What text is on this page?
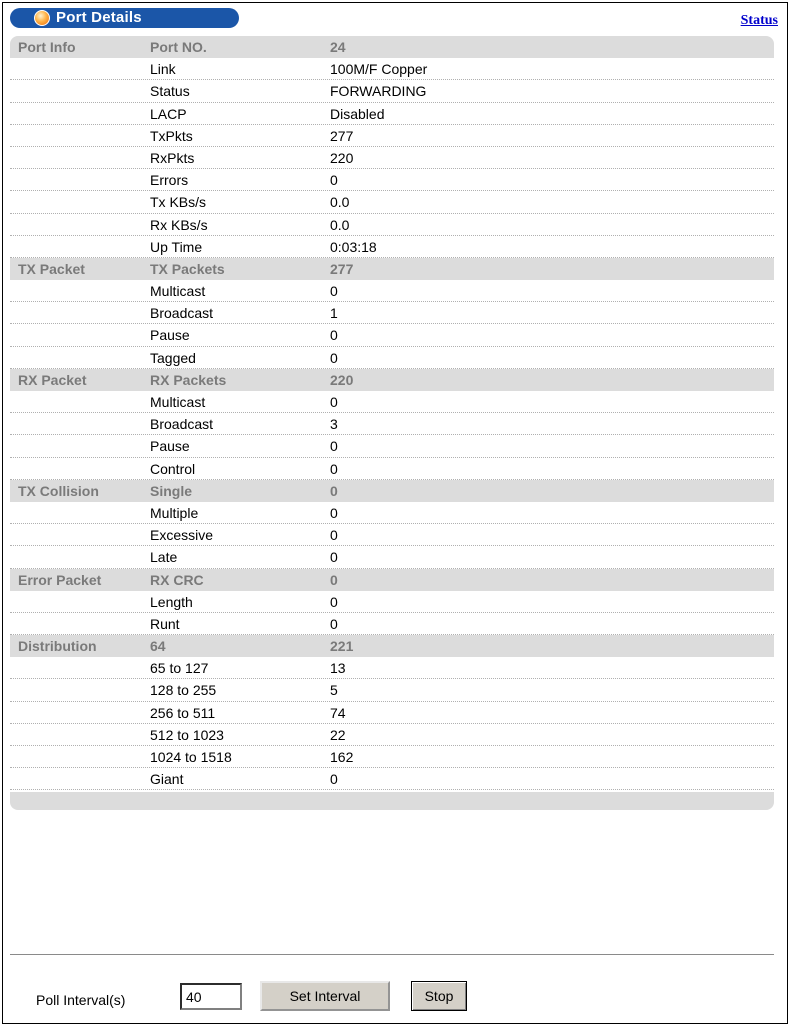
Port Details	Status
Port Info	Port NO.	24
Link	100M/F Copper
Status	FORWARDING
LACP	Disabled
TxPkts	277
RxPkts	220
Errors	0
Tx KBs/s	0.0
Rx KBs/s	0.0
Up Time	0:03:18
TX Packet	TX Packets	277
Multicast	0
Broadcast	1
Pause	0
Tagged	0
RX Packet	RX Packets	220
Multicast	0
Broadcast	3
Pause	0
Control	0
TX Collision	Single	0
Multiple	0
Excessive	0
Late	0
Error Packet	RX CRC	0
Length	0
Runt	0
Distribution	64	221
65 to 127	13
128 to 255	5
256 to 511	74
512 to 1023	22
1024 to 1518	162
Giant	0
Poll Interval(s)
40	Set Interval	Stop
